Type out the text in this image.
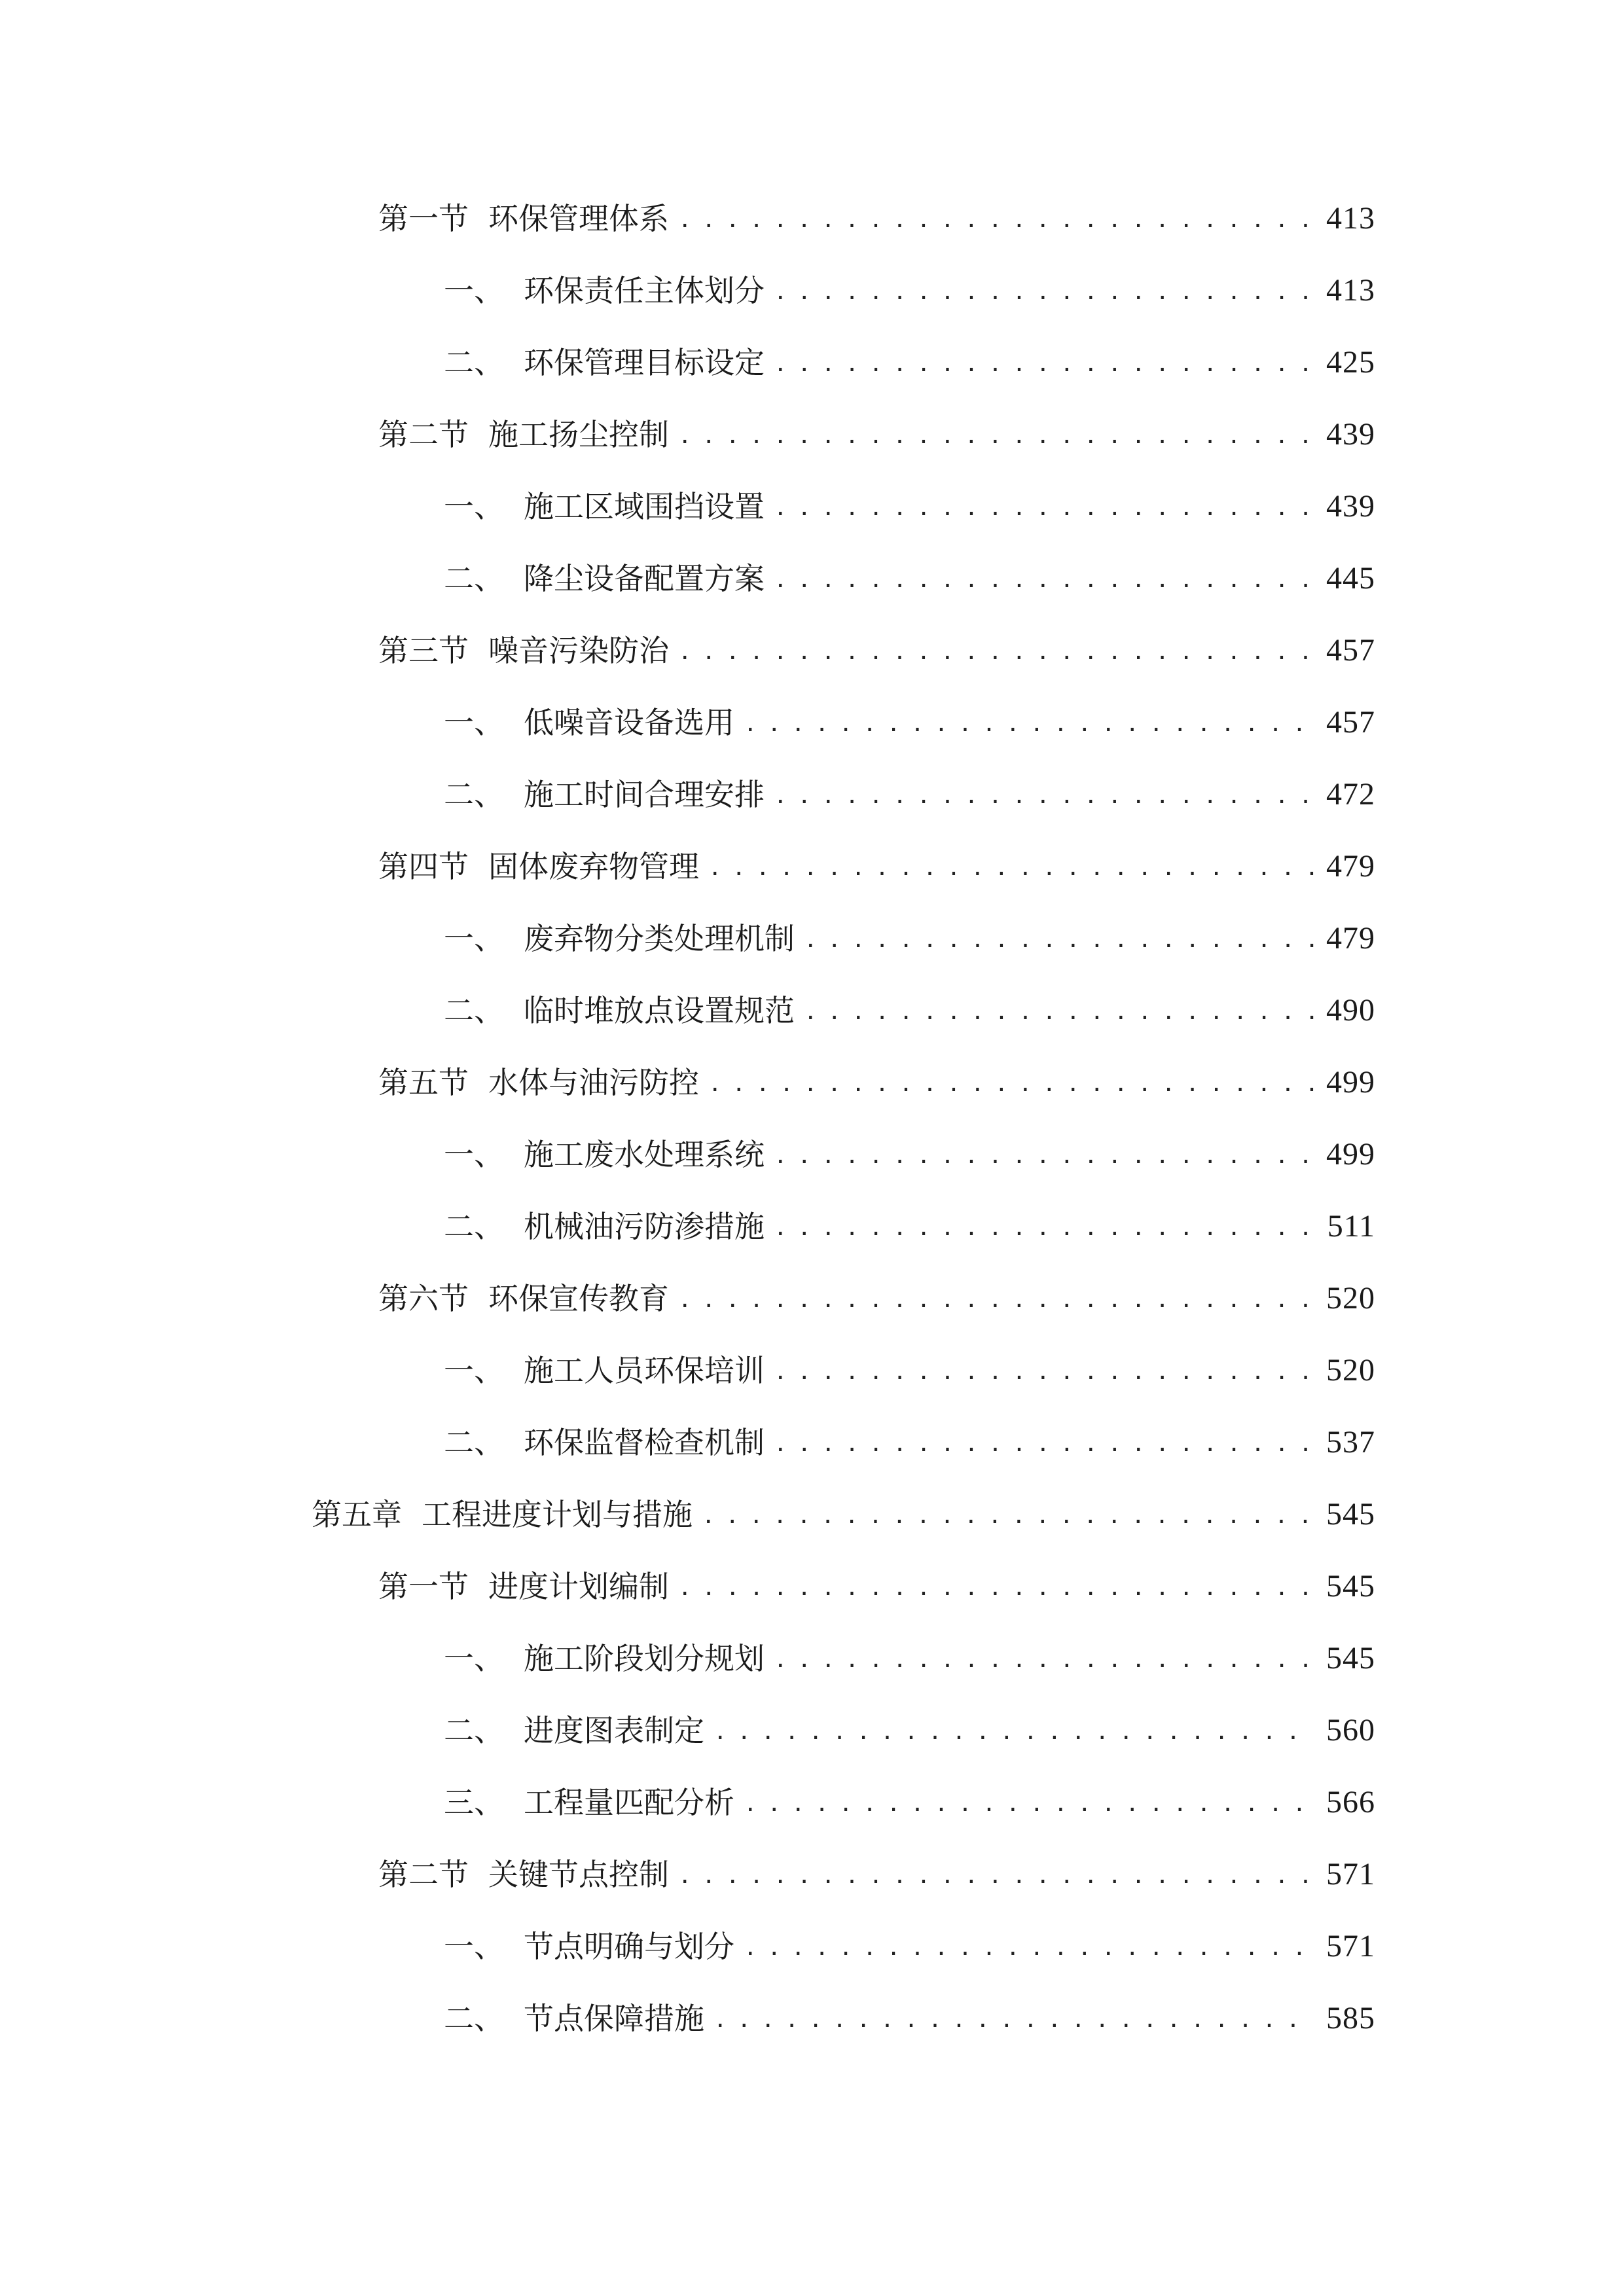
第一节 环保管理体系 .....	413
一、 环保责任主体划分 .....	413
二、 环保管理目标设定 .....	425
第二节 施工扬尘控制 .....	439
一、 施工区域围挡设置 .....	439
二、 降尘设备配置方案 .....	445
第三节 噪音污染防治 .....	457
一、 低噪音设备选用 .....	457
二、 施工时间合理安排 .....	472
第四节 固体废弃物管理 .....	479
一、 废弃物分类处理机制 .....	479
二、 临时堆放点设置规范 .....	490
第五节 水体与油污防控 .....	499
一、 施工废水处理系统 .....	499
二、 机械油污防渗措施 .....	511
第六节 环保宣传教育 .....	520
一、 施工人员环保培训 .....	520
二、 环保监督检查机制 .....	537
第五章 工程进度计划与措施 .....	545
第一节 进度计划编制 .....	545
一、 施工阶段划分规划 .....	545
二、 进度图表制定 .....	560
三、 工程量匹配分析 .....	566
第二节 关键节点控制 .....	571
一、 节点明确与划分 .....	571
二、 节点保障措施 .....	585
